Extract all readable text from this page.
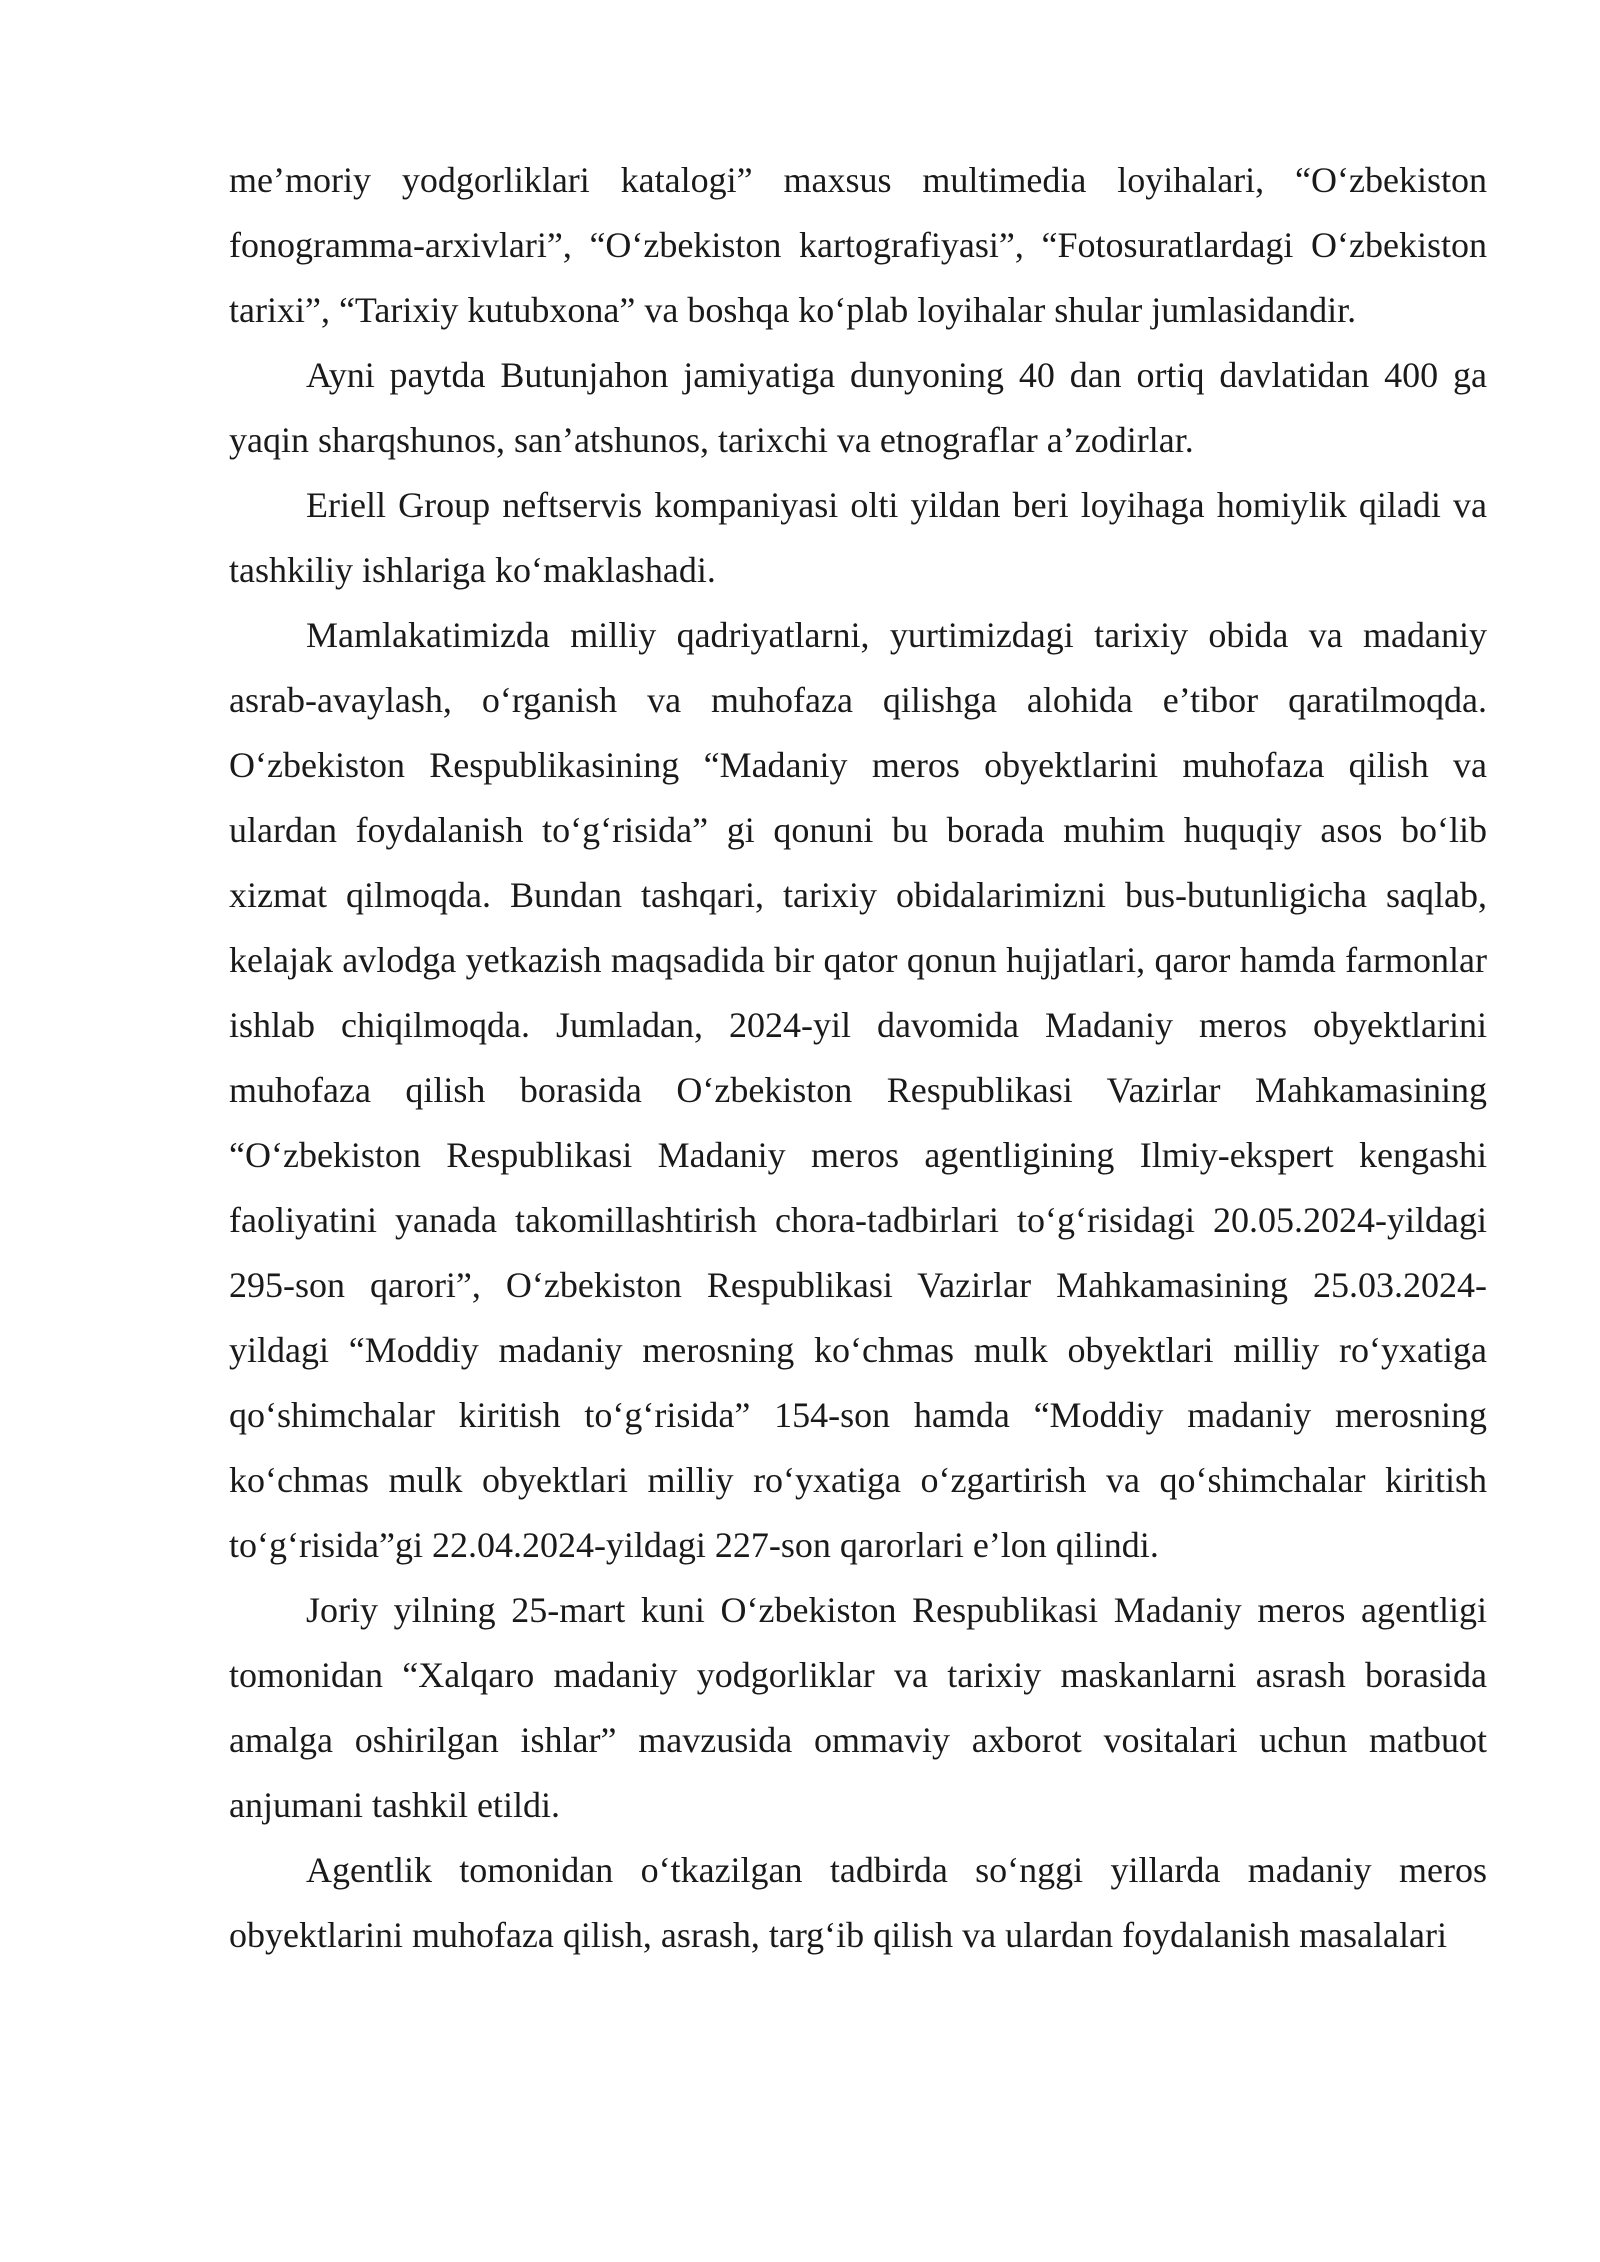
me’moriy yodgorliklari katalogi” maxsus multimedia loyihalari, “O‘zbekiston fonogramma-arxivlari”, “O‘zbekiston kartografiyasi”, “Fotosuratlardagi O‘zbekiston tarixi”, “Tarixiy kutubxona” va boshqa ko‘plab loyihalar shular jumlasidandir.

Ayni paytda Butunjahon jamiyatiga dunyoning 40 dan ortiq davlatidan 400 ga yaqin sharqshunos, san’atshunos, tarixchi va etnograflar a’zodirlar.

Eriell Group neftservis kompaniyasi olti yildan beri loyihaga homiylik qiladi va tashkiliy ishlariga ko‘maklashadi.

Mamlakatimizda milliy qadriyatlarni, yurtimizdagi tarixiy obida va madaniy asrab-avaylash, o‘rganish va muhofaza qilishga alohida e’tibor qaratilmoqda. O‘zbekiston Respublikasining “Madaniy meros obyektlarini muhofaza qilish va ulardan foydalanish to‘g‘risida” gi qonuni bu borada muhim huquqiy asos bo‘lib xizmat qilmoqda. Bundan tashqari, tarixiy obidalarimizni bus-butunligicha saqlab, kelajak avlodga yetkazish maqsadida bir qator qonun hujjatlari, qaror hamda farmonlar ishlab chiqilmoqda. Jumladan, 2024-yil davomida Madaniy meros obyektlarini muhofaza qilish borasida O‘zbekiston Respublikasi Vazirlar Mahkamasining “O‘zbekiston Respublikasi Madaniy meros agentligining Ilmiy-ekspert kengashi faoliyatini yanada takomillashtirish chora-tadbirlari to‘g‘risidagi 20.05.2024-yildagi 295-son qarori”, O‘zbekiston Respublikasi Vazirlar Mahkamasining 25.03.2024-yildagi “Moddiy madaniy merosning ko‘chmas mulk obyektlari milliy ro‘yxatiga qo‘shimchalar kiritish to‘g‘risida” 154-son hamda “Moddiy madaniy merosning ko‘chmas mulk obyektlari milliy ro‘yxatiga o‘zgartirish va qo‘shimchalar kiritish to‘g‘risida”gi 22.04.2024-yildagi 227-son qarorlari e’lon qilindi.

Joriy yilning 25-mart kuni O‘zbekiston Respublikasi Madaniy meros agentligi tomonidan “Xalqaro madaniy yodgorliklar va tarixiy maskanlarni asrash borasida amalga oshirilgan ishlar” mavzusida ommaviy axborot vositalari uchun matbuot anjumani tashkil etildi.

Agentlik tomonidan o‘tkazilgan tadbirda so‘nggi yillarda madaniy meros obyektlarini muhofaza qilish, asrash, targ‘ib qilish va ulardan foydalanish masalalari
